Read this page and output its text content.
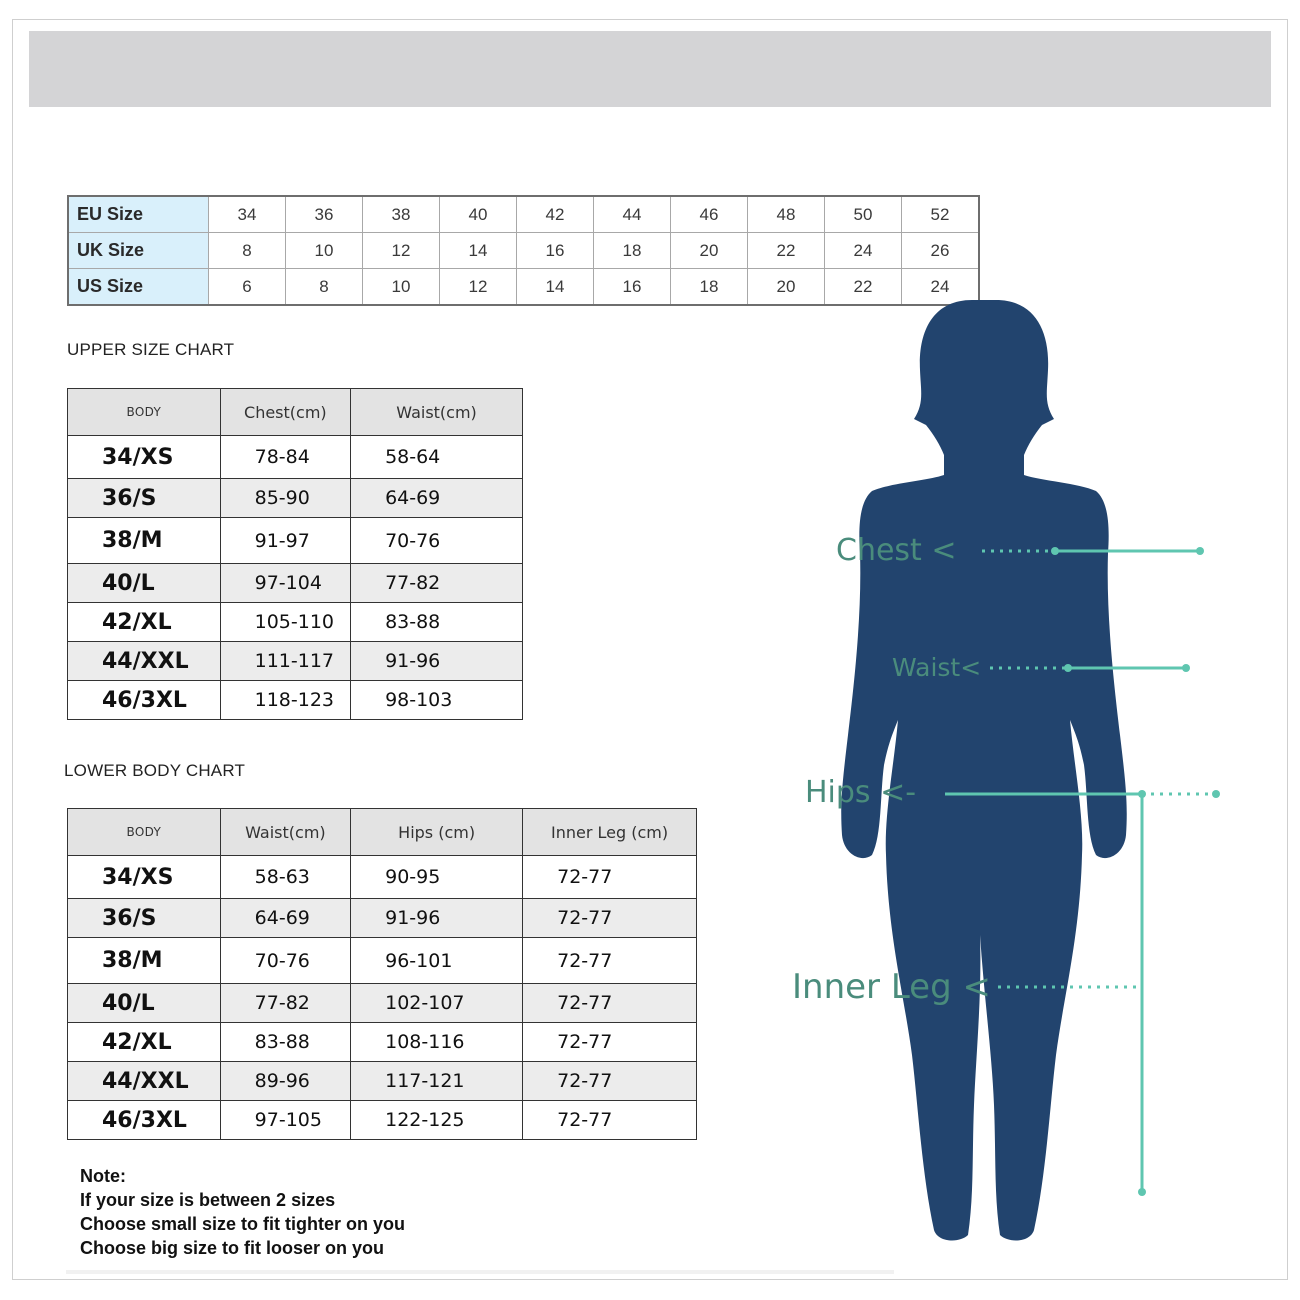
EU Size	34	36	38	40	42	44	46	48	50	52
UK Size	8	10	12	14	16	18	20	22	24	26
US Size	6	8	10	12	14	16	18	20	22	24
UPPER SIZE CHART
BODY	Chest(cm)	Waist(cm)
34/XS	78-84	58-64
36/S	85-90	64-69
38/M	91-97	70-76
40/L	97-104	77-82
42/XL	105-110	83-88
44/XXL	111-117	91-96
46/3XL	118-123	98-103
LOWER BODY CHART
BODY	Waist(cm)	Hips (cm)	Inner Leg (cm)
34/XS	58-63	90-95	72-77
36/S	64-69	91-96	72-77
38/M	70-76	96-101	72-77
40/L	77-82	102-107	72-77
42/XL	83-88	108-116	72-77
44/XXL	89-96	117-121	72-77
46/3XL	97-105	122-125	72-77
Note:
If your size is between 2 sizes
Choose small size to fit tighter on you
Choose big size to fit looser on you
Chest <
Waist<
Hips <-
Inner Leg <
